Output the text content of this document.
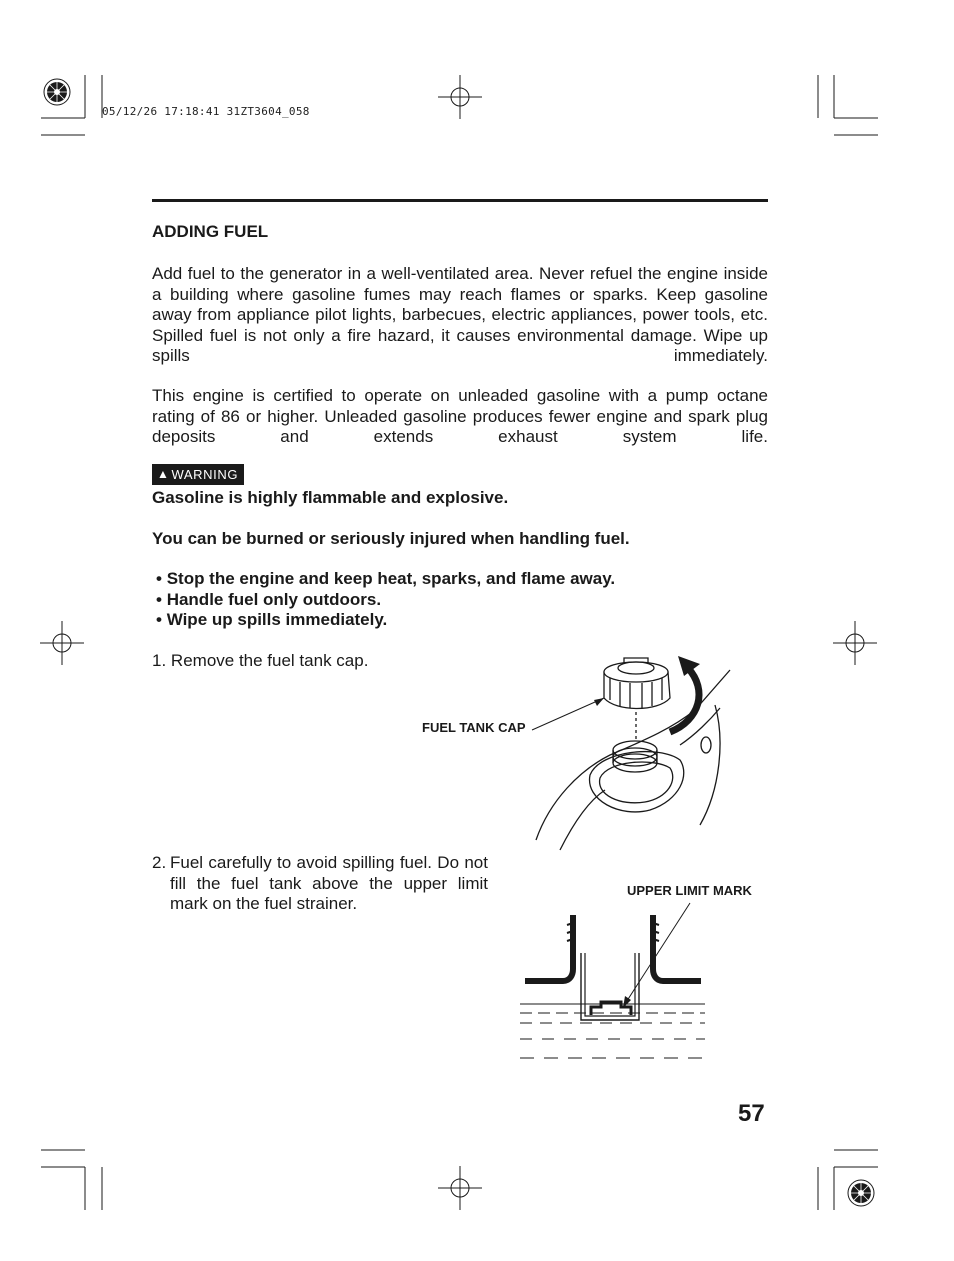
05/12/26 17:18:41 31ZT3604_058
ADDING FUEL
Add fuel to the generator in a well-ventilated area. Never refuel the engine inside a building where gasoline fumes may reach flames or sparks. Keep gasoline away from appliance pilot lights, barbecues, electric appliances, power tools, etc. Spilled fuel is not only a fire hazard, it causes environmental damage. Wipe up spills immediately.
This engine is certified to operate on unleaded gasoline with a pump octane rating of 86 or higher. Unleaded gasoline produces fewer engine and spark plug deposits and extends exhaust system life.
▲ WARNING
Gasoline is highly flammable and explosive.
You can be burned or seriously injured when handling fuel.
• Stop the engine and keep heat, sparks, and flame away.
• Handle fuel only outdoors.
• Wipe up spills immediately.
1. Remove the fuel tank cap.
2. Fuel carefully to avoid spilling fuel. Do not fill the fuel tank above the upper limit mark on the fuel strainer.
FUEL TANK CAP
UPPER LIMIT MARK
57
